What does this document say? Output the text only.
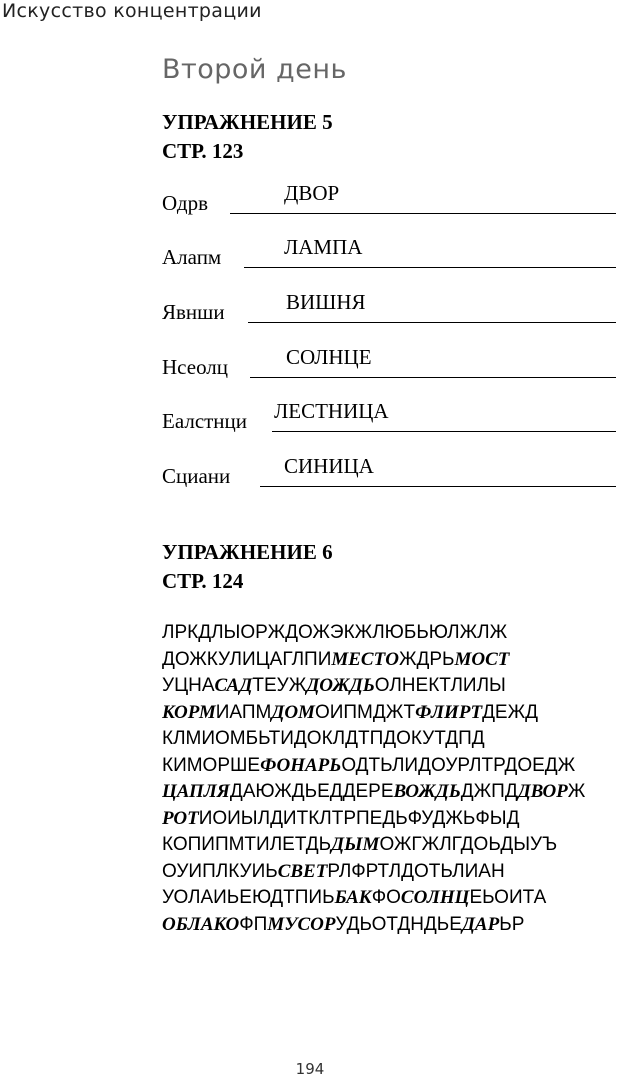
Искусство концентрации
Второй день
УПРАЖНЕНИЕ 5
СТР. 123
Одрв	ДВОР
Алапм	ЛАМПА
Явнши	ВИШНЯ
Нсеолц	СОЛНЦЕ
Еалстнци ЛЕСТНИЦА
Сциани	СИНИЦА
УПРАЖНЕНИЕ 6
СТР. 124
ЛРКДЛЫОРЖДОЖЭКЖЛЮБЬЮЛЖЛЖ
ДОЖКУЛИЦАГЛПИМЕСТОЖДРЬМОСТ
УЦНАСАДТЕУЖДОЖДЬОЛНЕКТЛИЛЫ
КОРМИАПМДОМОИПМДЖТФЛИРТДЕЖД
КЛМИОМБЬТИДОКЛДТПДОКУТДПД
КИМОРШЕФОНАРЬОДТЬЛИДОУРЛТРДОЕДЖ
ЦАПЛЯДАЮЖДЬЕДДЕРЕВОЖДЬДЖПДДВОРЖ
РОТИОИЫЛДИТКЛТРПЕДЬФУДЖЬФЫД
КОПИПМТИЛЕТДЬДЫМОЖГЖЛГДОЬДЫУЪ
ОУИПЛКУИЬСВЕТРЛФРТЛДОТЬЛИАН
УОЛАИЬЕЮДТПИЬБАКФОСОЛНЦЕЬОИТА
ОБЛАКОФПМУСОРУДЬОТДНДЬЕДАРЬР
194
